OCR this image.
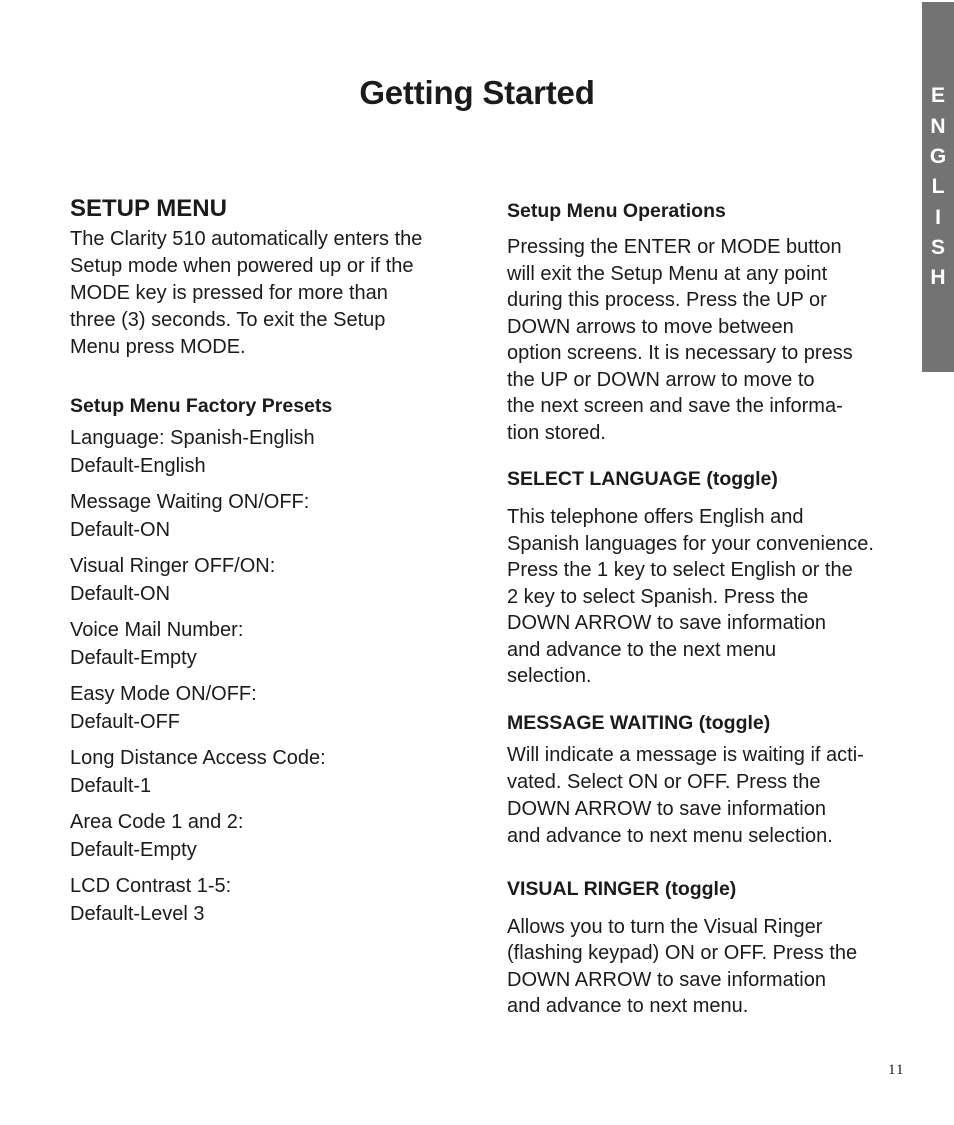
Getting Started	E
N
G
L
I
S
H
SETUP MENU

The Clarity 510 automatically enters the
Setup mode when powered up or if the
MODE key is pressed for more than
three (3) seconds. To exit the Setup
Menu press MODE.

Setup Menu Factory Presets
Language: Spanish-English
Default-English
Message Waiting ON/OFF:
Default-ON
Visual Ringer OFF/ON:
Default-ON
Voice Mail Number:
Default-Empty
Easy Mode ON/OFF:
Default-OFF
Long Distance Access Code:
Default-1
Area Code 1 and 2:
Default-Empty
LCD Contrast 1-5:
Default-Level 3
Setup Menu Operations

Pressing the ENTER or MODE button
will exit the Setup Menu at any point
during this process. Press the UP or
DOWN arrows to move between
option screens. It is necessary to press
the UP or DOWN arrow to move to
the next screen and save the informa-
tion stored.

SELECT LANGUAGE (toggle)

This telephone offers English and
Spanish languages for your convenience.
Press the 1 key to select English or the
2 key to select Spanish. Press the
DOWN ARROW to save information
and advance to the next menu
selection.

MESSAGE WAITING (toggle)

Will indicate a message is waiting if acti-
vated. Select ON or OFF. Press the
DOWN ARROW to save information
and advance to next menu selection.

VISUAL RINGER (toggle)

Allows you to turn the Visual Ringer
(flashing keypad) ON or OFF. Press the
DOWN ARROW to save information
and advance to next menu.

11
